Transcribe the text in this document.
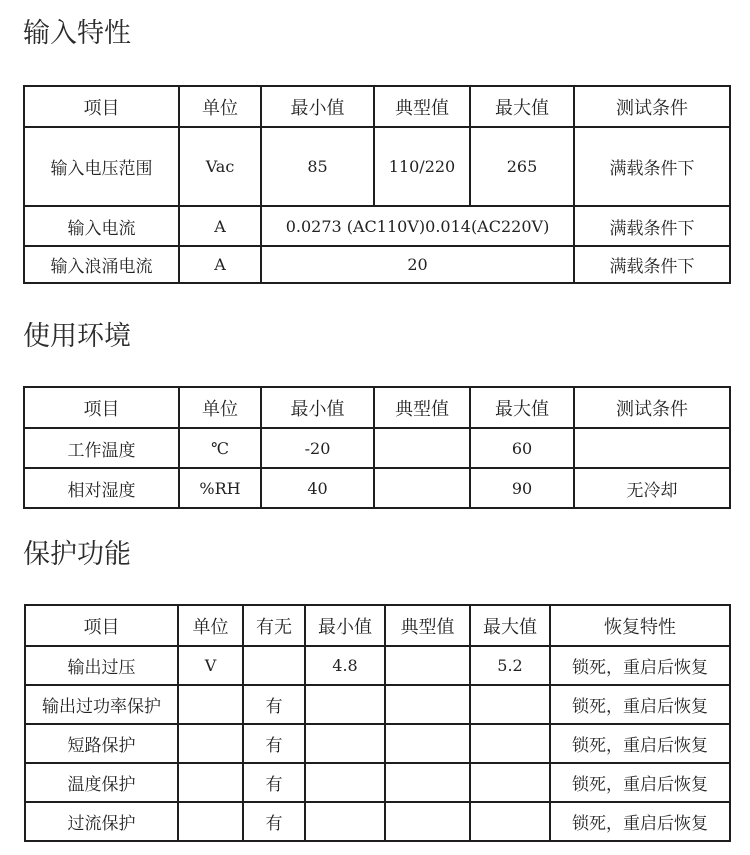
输入特性
项目	单位	最小值	典型值	最大值	测试条件
输入电压范围	Vac	85	110/220	265	满载条件下
输入电流	A	0.0273 (AC110V)0.014(AC220V)			满载条件下
输入浪涌电流	A	20			满载条件下
使用环境
项目	单位	最小值	典型值	最大值	测试条件
工作温度	℃	-20		60	
相对湿度	%RH	40		90	无冷却
保护功能
项目	单位	有无	最小值	典型值	最大值	恢复特性
输出过压	V		4.8		5.2	锁死，重启后恢复
输出过功率保护		有				锁死，重启后恢复
短路保护		有				锁死，重启后恢复
温度保护		有				锁死，重启后恢复
过流保护		有				锁死，重启后恢复
